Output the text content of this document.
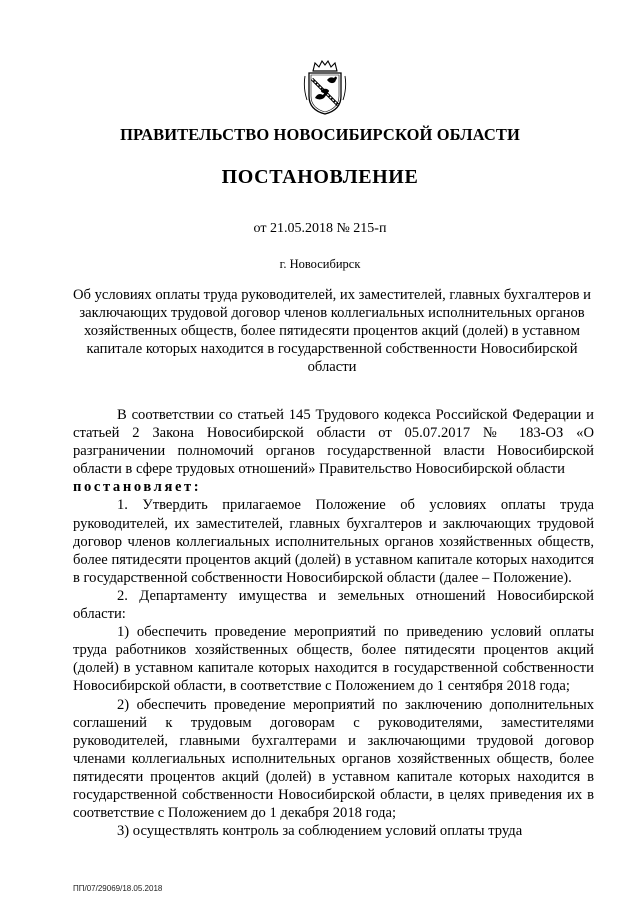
ПРАВИТЕЛЬСТВО НОВОСИБИРСКОЙ ОБЛАСТИ
ПОСТАНОВЛЕНИЕ
от 21.05.2018 № 215-п
г. Новосибирск
Об условиях оплаты труда руководителей, их заместителей, главных бухгалтеров и заключающих трудовой договор членов коллегиальных исполнительных органов хозяйственных обществ, более пятидесяти процентов акций (долей) в уставном капитале которых находится в государственной собственности Новосибирской области

В соответствии со статьей 145 Трудового кодекса Российской Федерации и статьей 2 Закона Новосибирской области от 05.07.2017 № 183-ОЗ «О разграничении полномочий органов государственной власти Новосибирской области в сфере трудовых отношений» Правительство Новосибирской области

постановляет:

1. Утвердить прилагаемое Положение об условиях оплаты труда руководителей, их заместителей, главных бухгалтеров и заключающих трудовой договор членов коллегиальных исполнительных органов хозяйственных обществ, более пятидесяти процентов акций (долей) в уставном капитале которых находится в государственной собственности Новосибирской области (далее – Положение).

2. Департаменту имущества и земельных отношений Новосибирской области:

1) обеспечить проведение мероприятий по приведению условий оплаты труда работников хозяйственных обществ, более пятидесяти процентов акций (долей) в уставном капитале которых находится в государственной собственности Новосибирской области, в соответствие с Положением до 1 сентября 2018 года;

2) обеспечить проведение мероприятий по заключению дополнительных соглашений к трудовым договорам с руководителями, заместителями руководителей, главными бухгалтерами и заключающими трудовой договор членами коллегиальных исполнительных органов хозяйственных обществ, более пятидесяти процентов акций (долей) в уставном капитале которых находится в государственной собственности Новосибирской области, в целях приведения их в соответствие с Положением до 1 декабря 2018 года;

3) осуществлять контроль за соблюдением условий оплаты труда

ПП/07/29069/18.05.2018
